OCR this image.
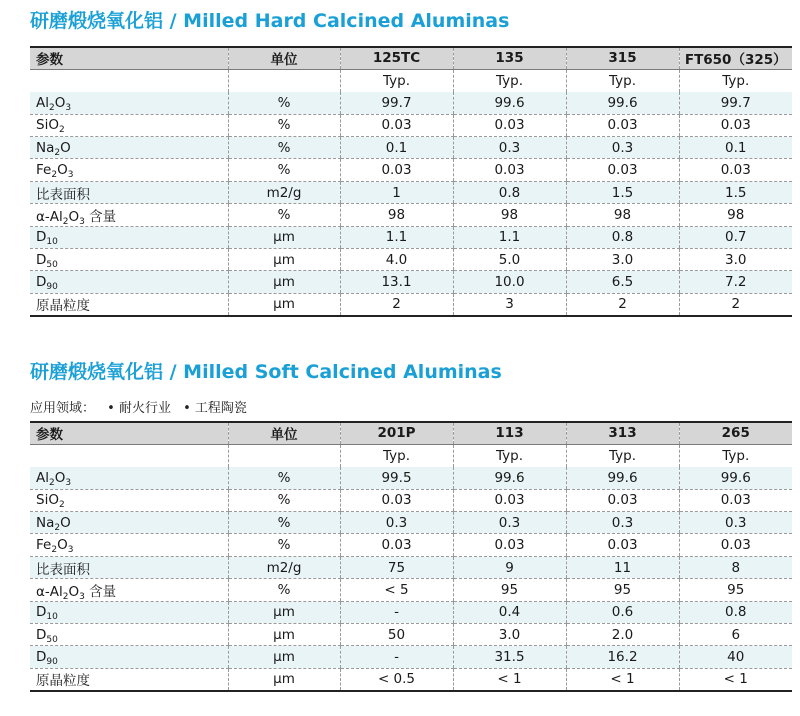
研磨煅烧氧化铝 / Milled Hard Calcined Aluminas
参数	单位	125TC	135	315	FT650（325）
		Typ.	Typ.	Typ.	Typ.
$Al_2O_3$	%	99.7	99.6	99.6	99.7
SiO$_2$	%	0.03	0.03	0.03	0.03
$Na_2O$	%	0.1	0.3	0.3	0.1
$Fe_2O_3$	%	0.03	0.03	0.03	0.03
比表面积	m2/g	1	0.8	1.5	1.5
$\alpha-Al_2O_3$ 含量	%	98	98	98	98
$D_{10}$	μm	1.1	1.1	0.8	0.7
$D_{50}$	μm	4.0	5.0	3.0	3.0
$D_{90}$	μm	13.1	10.0	6.5	7.2
原晶粒度	μm	2	3	2	2
研磨煅烧氧化铝 / Milled Soft Calcined Aluminas
应用领域： • 耐火行业 • 工程陶瓷
参数	单位	201P	113	313	265
		Typ.	Typ.	Typ.	Typ.
$Al_2O_3$	%	99.5	99.6	99.6	99.6
SiO$_2$	%	0.03	0.03	0.03	0.03
$Na_2O$	%	0.3	0.3	0.3	0.3
$Fe_2O_3$	%	0.03	0.03	0.03	0.03
比表面积	m2/g	75	9	11	8
$\alpha-Al_2O_3$ 含量	%	< 5	95	95	95
$D_{10}$	μm	-	0.4	0.6	0.8
$D_{50}$	μm	50	3.0	2.0	6
$D_{90}$	μm	-	31.5	16.2	40
原晶粒度	μm	< 0.5	< 1	< 1	< 1
